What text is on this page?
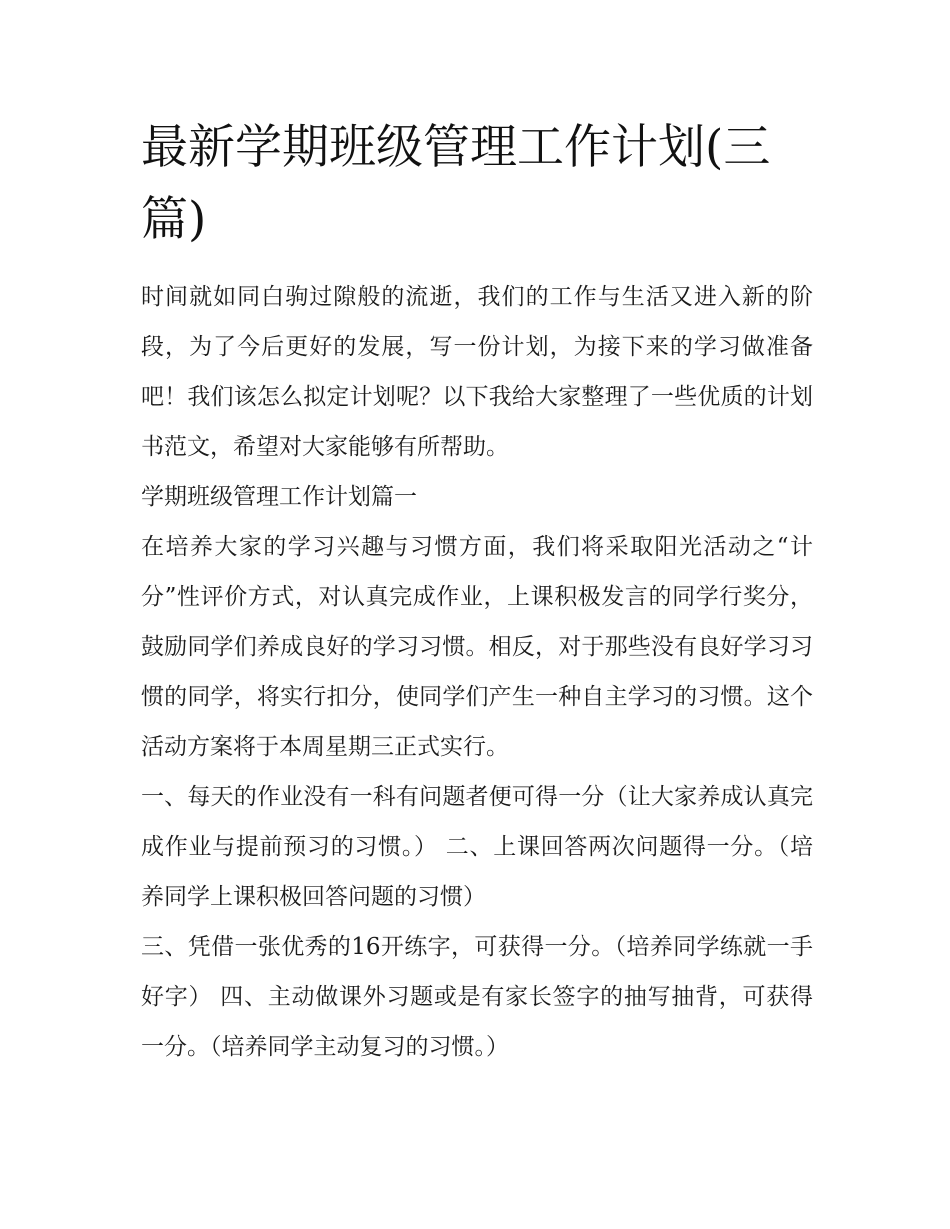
最新学期班级管理工作计划(三篇)

时间就如同白驹过隙般的流逝，我们的工作与生活又进入新的阶段，为了今后更好的发展，写一份计划，为接下来的学习做准备吧！我们该怎么拟定计划呢？以下我给大家整理了一些优质的计划书范文，希望对大家能够有所帮助。

学期班级管理工作计划篇一

在培养大家的学习兴趣与习惯方面，我们将采取阳光活动之“计分”性评价方式，对认真完成作业，上课积极发言的同学行奖分，鼓励同学们养成良好的学习习惯。相反，对于那些没有良好学习习惯的同学，将实行扣分，使同学们产生一种自主学习的习惯。这个活动方案将于本周星期三正式实行。

一、每天的作业没有一科有问题者便可得一分（让大家养成认真完成作业与提前预习的习惯。） 二、上课回答两次问题得一分。（培养同学上课积极回答问题的习惯）

三、凭借一张优秀的16开练字，可获得一分。（培养同学练就一手好字） 四、主动做课外习题或是有家长签字的抽写抽背，可获得一分。（培养同学主动复习的习惯。）
